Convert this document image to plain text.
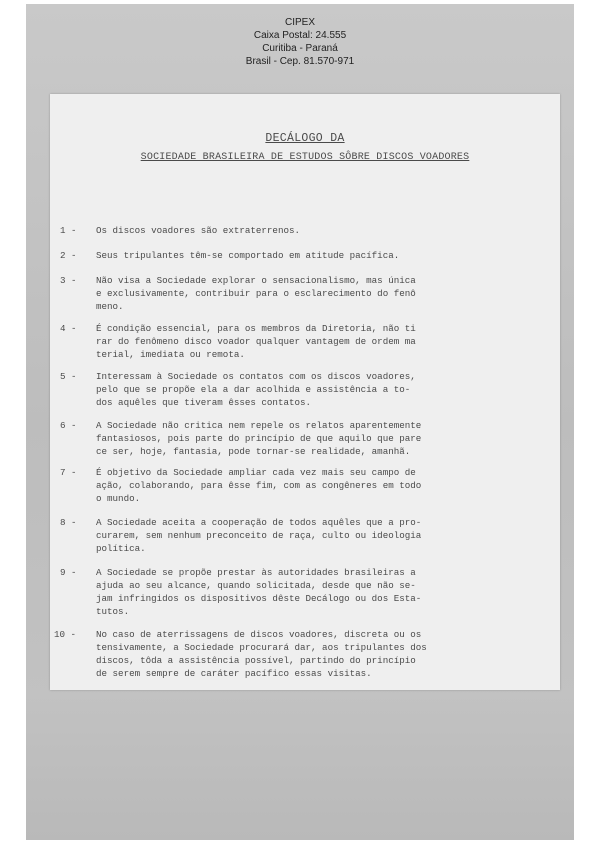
CIPEX
Caixa Postal: 24.555
Curitiba - Paraná
Brasil - Cep. 81.570-971
DECÁLOGO DA
SOCIEDADE BRASILEIRA DE ESTUDOS SÔBRE DISCOS VOADORES
1 -	Os discos voadores são extraterrenos.
2 -	Seus tripulantes têm-se comportado em atitude pacífica.
3 -	Não visa a Sociedade explorar o sensacionalismo, mas única
e exclusivamente, contribuir para o esclarecimento do fenô
meno.
4 -	É condição essencial, para os membros da Diretoria, não ti
rar do fenômeno disco voador qualquer vantagem de ordem ma
terial, imediata ou remota.
5 -	Interessam à Sociedade os contatos com os discos voadores,
pelo que se propõe ela a dar acolhida e assistência a to-
dos aquêles que tiveram êsses contatos.
6 -	A Sociedade não critica nem repele os relatos aparentemente
fantasiosos, pois parte do princípio de que aquilo que pare
ce ser, hoje, fantasia, pode tornar-se realidade, amanhã.
7 -	É objetivo da Sociedade ampliar cada vez mais seu campo de
ação, colaborando, para êsse fim, com as congêneres em todo
o mundo.
8 -	A Sociedade aceita a cooperação de todos aquêles que a pro-
curarem, sem nenhum preconceito de raça, culto ou ideologia
política.
9 -	A Sociedade se propõe prestar às autoridades brasileiras a
ajuda ao seu alcance, quando solicitada, desde que não se-
jam infringidos os dispositivos dêste Decálogo ou dos Esta-
tutos.
10 -	No caso de aterrissagens de discos voadores, discreta ou os
tensivamente, a Sociedade procurará dar, aos tripulantes dos
discos, tôda a assistência possível, partindo do princípio
de serem sempre de caráter pacífico essas visitas.
